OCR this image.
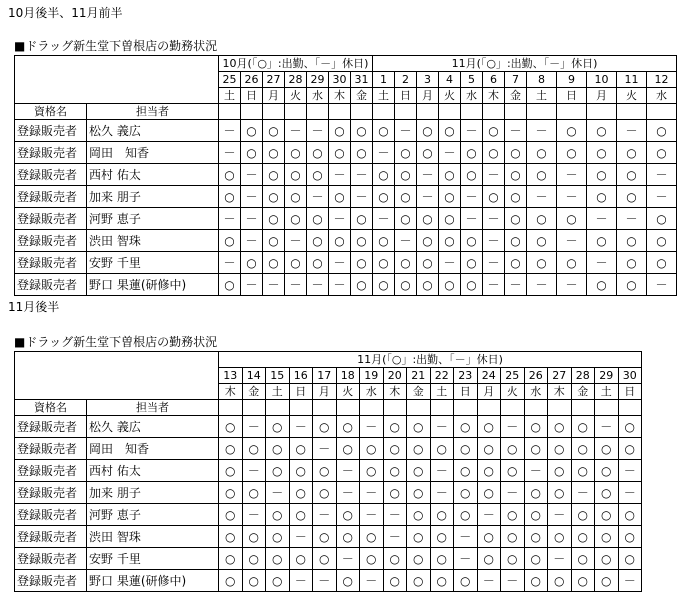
10月後半、11月前半
■ドラッグ新生堂下曽根店の勤務状況
		10月(「○」:出勤、「－」休日)							11月(「○」:出勤、「－」休日)											
		25	26	27	28	29	30	31	1	2	3	4	5	6	7	8	9	10	11	12
		土	日	月	火	水	木	金	土	日	月	火	水	木	金	土	日	月	火	水
資格名	担当者																			
登録販売者	松久 義広	－	○	○	－	－	○	○	○	－	○	○	－	○	－	－	○	○	－	○
登録販売者	岡田　知香	－	○	○	○	○	○	○	－	○	○	－	○	○	○	○	○	○	○	○
登録販売者	西村 佑太	○	－	○	○	○	－	－	○	○	－	○	○	－	○	○	－	○	○	－
登録販売者	加来 朋子	○	－	○	○	－	○	－	○	○	－	○	－	○	○	－	－	○	○	－
登録販売者	河野 恵子	－	－	○	○	○	－	○	－	○	○	○	－	－	○	○	○	－	－	○
登録販売者	渋田 智珠	○	－	○	－	○	○	○	○	－	○	○	○	－	○	○	－	○	○	○
登録販売者	安野 千里	－	○	○	○	○	－	○	○	○	○	－	○	－	○	○	○	－	○	○
登録販売者	野口 果蓮(研修中)	○	－	－	－	－	－	○	○	○	○	○	○	－	－	－	－	○	○	－
11月後半
■ドラッグ新生堂下曽根店の勤務状況
		11月(「○」:出勤、「－」休日)																	
		13	14	15	16	17	18	19	20	21	22	23	24	25	26	27	28	29	30
		木	金	土	日	月	火	水	木	金	土	日	月	火	水	木	金	土	日
資格名	担当者																		
登録販売者	松久 義広	○	－	○	－	○	○	－	○	○	－	○	○	－	○	○	○	－	○
登録販売者	岡田　知香	○	○	○	○	－	○	○	○	○	○	○	○	○	○	○	○	○	○
登録販売者	西村 佑太	○	－	○	○	○	－	○	○	○	－	○	○	○	－	○	○	○	－
登録販売者	加来 朋子	○	○	－	○	○	－	－	○	○	－	○	○	－	○	○	－	○	－
登録販売者	河野 恵子	○	－	○	○	－	○	－	－	○	○	○	－	○	○	－	○	○	○
登録販売者	渋田 智珠	○	○	○	－	○	○	○	－	○	○	－	○	○	○	○	○	○	○
登録販売者	安野 千里	○	○	○	○	○	－	○	○	○	○	－	○	○	○	－	○	○	○
登録販売者	野口 果蓮(研修中)	○	○	○	－	－	○	－	○	○	○	○	－	－	○	○	○	○	－
